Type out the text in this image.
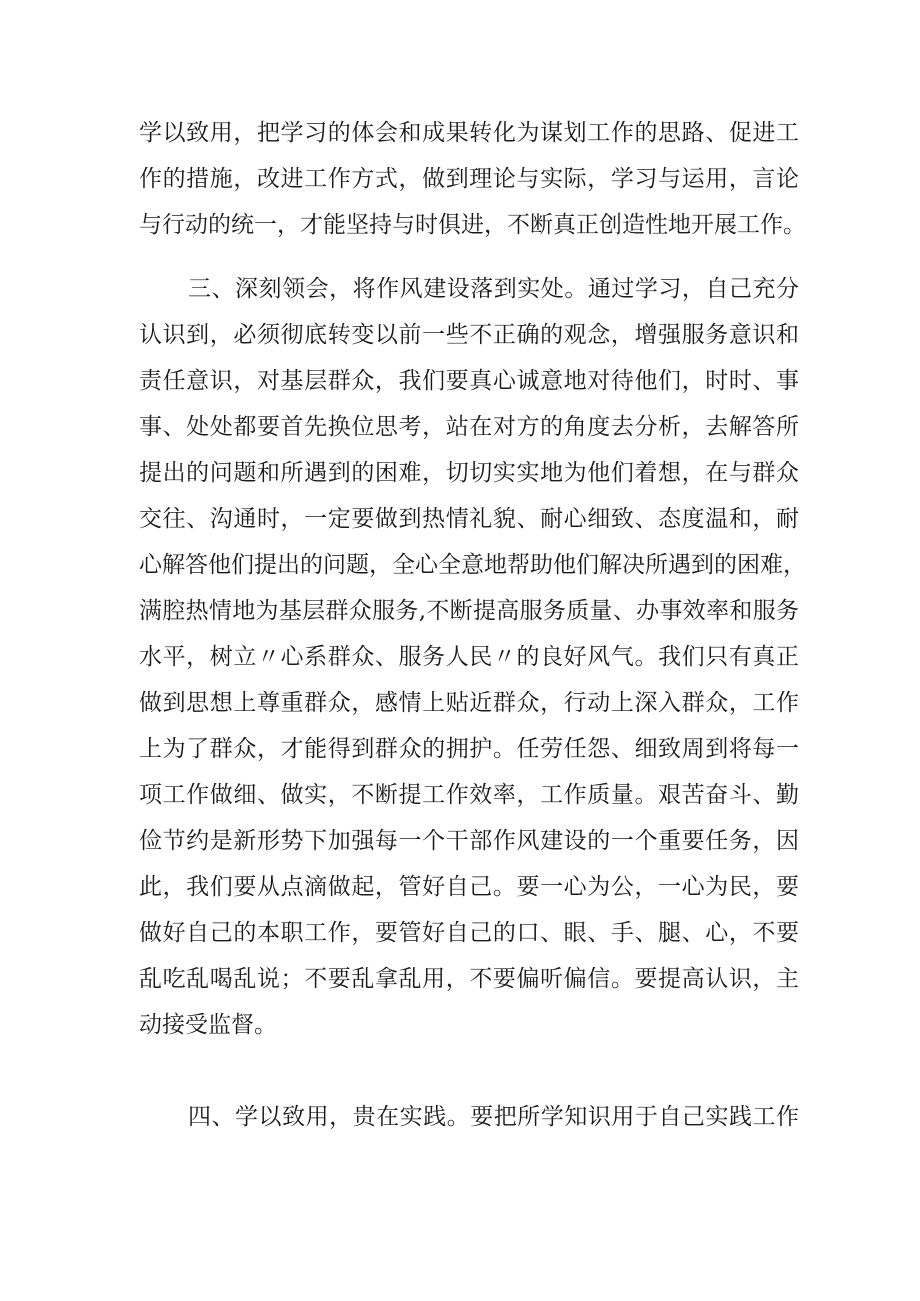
学以致用，把学习的体会和成果转化为谋划工作的思路、促进工
作的措施，改进工作方式，做到理论与实际，学习与运用，言论
与行动的统一，才能坚持与时俱进，不断真正创造性地开展工作。
三、深刻领会，将作风建设落到实处。通过学习，自己充分
认识到，必须彻底转变以前一些不正确的观念，增强服务意识和
责任意识，对基层群众，我们要真心诚意地对待他们，时时、事
事、处处都要首先换位思考，站在对方的角度去分析，去解答所
提出的问题和所遇到的困难，切切实实地为他们着想，在与群众
交往、沟通时，一定要做到热情礼貌、耐心细致、态度温和，耐
心解答他们提出的问题，全心全意地帮助他们解决所遇到的困难，
满腔热情地为基层群众服务,不断提高服务质量、办事效率和服务
水平，树立〃心系群众、服务人民〃的良好风气。我们只有真正
做到思想上尊重群众，感情上贴近群众，行动上深入群众，工作
上为了群众，才能得到群众的拥护。任劳任怨、细致周到将每一
项工作做细、做实，不断提工作效率，工作质量。艰苦奋斗、勤
俭节约是新形势下加强每一个干部作风建设的一个重要任务，因
此，我们要从点滴做起，管好自己。要一心为公，一心为民，要
做好自己的本职工作，要管好自己的口、眼、手、腿、心，不要
乱吃乱喝乱说；不要乱拿乱用，不要偏听偏信。要提高认识，主
动接受监督。
四、学以致用，贵在实践。要把所学知识用于自己实践工作
